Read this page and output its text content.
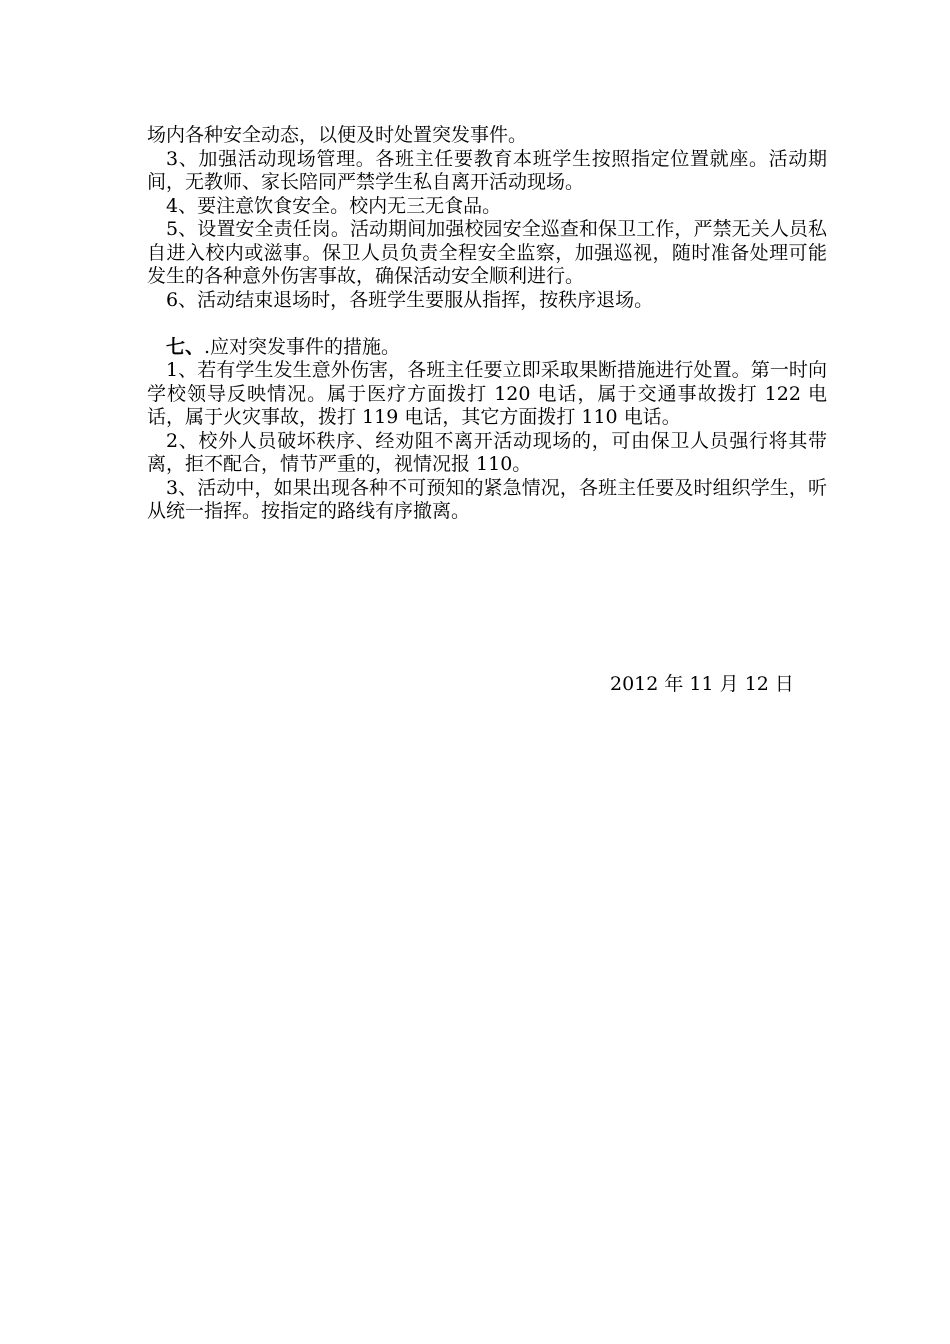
场内各种安全动态，以便及时处置突发事件。

3、加强活动现场管理。各班主任要教育本班学生按照指定位置就座。活动期间，无教师、家长陪同严禁学生私自离开活动现场。

4、要注意饮食安全。校内无三无食品。

5、设置安全责任岗。活动期间加强校园安全巡查和保卫工作，严禁无关人员私自进入校内或滋事。保卫人员负责全程安全监察，加强巡视，随时准备处理可能发生的各种意外伤害事故，确保活动安全顺利进行。

6、活动结束退场时，各班学生要服从指挥，按秩序退场。

七、.应对突发事件的措施。

1、若有学生发生意外伤害，各班主任要立即采取果断措施进行处置。第一时向学校领导反映情况。属于医疗方面拨打 120 电话，属于交通事故拨打 122 电话，属于火灾事故，拨打 119 电话，其它方面拨打 110 电话。

2、校外人员破坏秩序、经劝阻不离开活动现场的，可由保卫人员强行将其带离，拒不配合，情节严重的，视情况报 110。

3、活动中，如果出现各种不可预知的紧急情况，各班主任要及时组织学生，听从统一指挥。按指定的路线有序撤离。

2012 年 11 月 12 日
